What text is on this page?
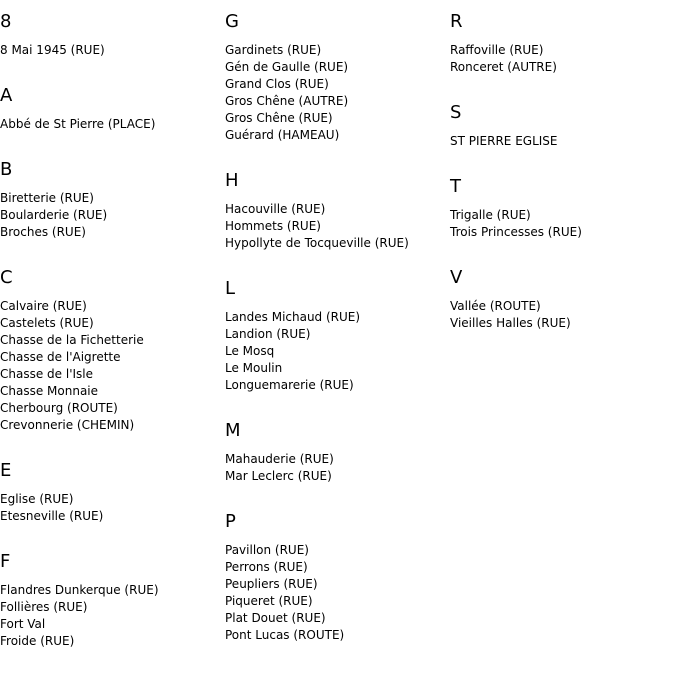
8
8 Mai 1945 (RUE)
A
Abbé de St Pierre (PLACE)
B
Biretterie (RUE)
Boularderie (RUE)
Broches (RUE)
C
Calvaire (RUE)
Castelets (RUE)
Chasse de la Fichetterie
Chasse de l'Aigrette
Chasse de l'Isle
Chasse Monnaie
Cherbourg (ROUTE)
Crevonnerie (CHEMIN)
E
Eglise (RUE)
Etesneville (RUE)
F
Flandres Dunkerque (RUE)
Follières (RUE)
Fort Val
Froide (RUE)
G
Gardinets (RUE)
Gén de Gaulle (RUE)
Grand Clos (RUE)
Gros Chêne (AUTRE)
Gros Chêne (RUE)
Guérard (HAMEAU)
H
Hacouville (RUE)
Hommets (RUE)
Hypollyte de Tocqueville (RUE)
L
Landes Michaud (RUE)
Landion (RUE)
Le Mosq
Le Moulin
Longuemarerie (RUE)
M
Mahauderie (RUE)
Mar Leclerc (RUE)
P
Pavillon (RUE)
Perrons (RUE)
Peupliers (RUE)
Piqueret (RUE)
Plat Douet (RUE)
Pont Lucas (ROUTE)
R
Raffoville (RUE)
Ronceret (AUTRE)
S
ST PIERRE EGLISE
T
Trigalle (RUE)
Trois Princesses (RUE)
V
Vallée (ROUTE)
Vieilles Halles (RUE)
